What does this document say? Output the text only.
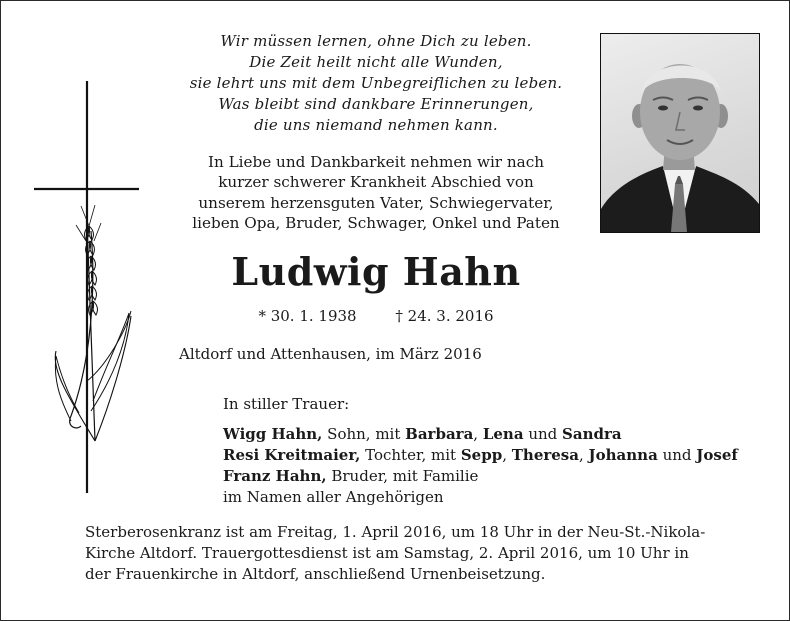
Wir müssen lernen, ohne Dich zu leben.
Die Zeit heilt nicht alle Wunden,
sie lehrt uns mit dem Unbegreiflichen zu leben.
Was bleibt sind dankbare Erinnerungen,
die uns niemand nehmen kann.
In Liebe und Dankbarkeit nehmen wir nach
kurzer schwerer Krankheit Abschied von
unserem herzensguten Vater, Schwiegervater,
lieben Opa, Bruder, Schwager, Onkel und Paten
Ludwig Hahn
* 30. 1. 1938	† 24. 3. 2016
Altdorf und Attenhausen, im März 2016
In stiller Trauer:
Wigg Hahn, Sohn, mit Barbara, Lena und Sandra
Resi Kreitmaier, Tochter, mit Sepp, Theresa, Johanna und Josef
Franz Hahn, Bruder, mit Familie
im Namen aller Angehörigen
Sterberosenkranz ist am Freitag, 1. April 2016, um 18 Uhr in der Neu-St.-Nikola-
Kirche Altdorf. Trauergottesdienst ist am Samstag, 2. April 2016, um 10 Uhr in
der Frauenkirche in Altdorf, anschließend Urnenbeisetzung.
